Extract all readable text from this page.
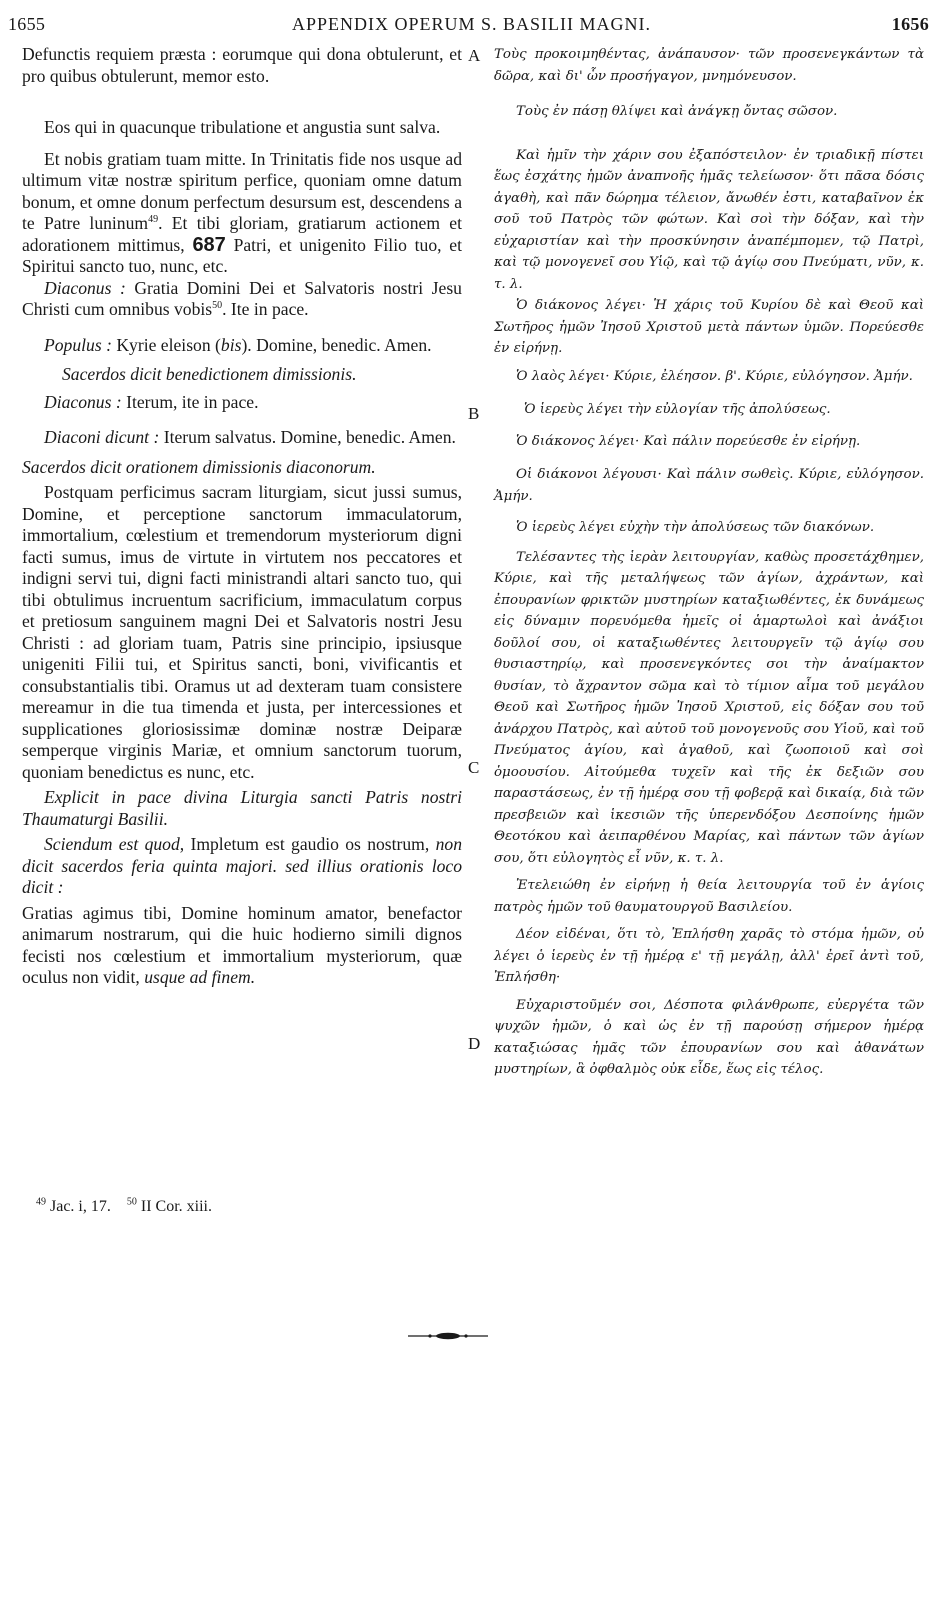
1655	APPENDIX OPERUM S. BASILII MAGNI.	1656
A
B
C
D

Defunctis requiem præsta : eorumque qui dona obtulerunt, et pro quibus obtulerunt, memor esto.

Eos qui in quacunque tribulatione et angustia sunt salva.

Et nobis gratiam tuam mitte. In Trinitatis fide nos usque ad ultimum vitæ nostræ spiritum perfice, quoniam omne datum bonum, et omne donum perfectum desursum est, descendens a te Patre luninum$^{49}$. Et tibi gloriam, gratiarum actionem et adorationem mittimus, 687 Patri, et unigenito Filio tuo, et Spiritui sancto tuo, nunc, etc.

Diaconus : Gratia Domini Dei et Salvatoris nostri Jesu Christi cum omnibus vobis$^{50}$. Ite in pace.

Populus : Kyrie eleison (bis). Domine, benedic. Amen.

Sacerdos dicit benedictionem dimissionis.

Diaconus : Iterum, ite in pace.

Diaconi dicunt : Iterum salvatus. Domine, benedic. Amen.

Sacerdos dicit orationem dimissionis diaconorum.

Postquam perficimus sacram liturgiam, sicut jussi sumus, Domine, et perceptione sanctorum immaculatorum, immortalium, cœlestium et tremendorum mysteriorum digni facti sumus, imus de virtute in virtutem nos peccatores et indigni servi tui, digni facti ministrandi altari sancto tuo, qui tibi obtulimus incruentum sacrificium, immaculatum corpus et pretiosum sanguinem magni Dei et Salvatoris nostri Jesu Christi : ad gloriam tuam, Patris sine principio, ipsiusque unigeniti Filii tui, et Spiritus sancti, boni, vivificantis et consubstantialis tibi. Oramus ut ad dexteram tuam consistere mereamur in die tua timenda et justa, per intercessiones et supplicationes gloriosissimæ dominæ nostræ Deiparæ semperque virginis Mariæ, et omnium sanctorum tuorum, quoniam benedictus es nunc, etc.

Explicit in pace divina Liturgia sancti Patris nostri Thaumaturgi Basilii.

Sciendum est quod, Impletum est gaudio os nostrum, non dicit sacerdos feria quinta majori. sed illius orationis loco dicit :

Gratias agimus tibi, Domine hominum amator, benefactor animarum nostrarum, qui die huic hodierno simili dignos fecisti nos cœlestium et immortalium mysteriorum, quæ oculus non vidit, usque ad finem.

Τοὺς προκοιμηθέντας, ἀνάπαυσον· τῶν προσενεγκάντων τὰ δῶρα, καὶ δι' ὧν προσήγαγον, μνημόνευσον.

Τοὺς ἐν πάσῃ θλίψει καὶ ἀνάγκῃ ὄντας σῶσον.

Καὶ ἡμῖν τὴν χάριν σου ἐξαπόστειλον· ἐν τριαδικῇ πίστει ἕως ἐσχάτης ἡμῶν ἀναπνοῆς ἡμᾶς τελείωσον· ὅτι πᾶσα δόσις ἀγαθὴ, καὶ πᾶν δώρημα τέλειον, ἄνωθέν ἐστι, καταβαῖνον ἐκ σοῦ τοῦ Πατρὸς τῶν φώτων. Καὶ σοὶ τὴν δόξαν, καὶ τὴν εὐχαριστίαν καὶ τὴν προσκύνησιν ἀναπέμπομεν, τῷ Πατρὶ, καὶ τῷ μονογενεῖ σου Υἱῷ, καὶ τῷ ἁγίῳ σου Πνεύματι, νῦν, κ. τ. λ.

Ὁ διάκονος λέγει· Ἡ χάρις τοῦ Κυρίου δὲ καὶ Θεοῦ καὶ Σωτῆρος ἡμῶν Ἰησοῦ Χριστοῦ μετὰ πάντων ὑμῶν. Πορεύεσθε ἐν εἰρήνῃ.

Ὁ λαὸς λέγει· Κύριε, ἐλέησον. β'. Κύριε, εὐλόγησον. Ἀμήν.

Ὁ ἱερεὺς λέγει τὴν εὐλογίαν τῆς ἀπολύσεως.

Ὁ διάκονος λέγει· Καὶ πάλιν πορεύεσθε ἐν εἰρήνῃ.

Οἱ διάκονοι λέγουσι· Καὶ πάλιν σωθεὶς. Κύριε, εὐλόγησον. Ἀμήν.

Ὁ ἱερεὺς λέγει εὐχὴν τὴν ἀπολύσεως τῶν διακόνων.

Τελέσαντες τὴς ἱερὰν λειτουργίαν, καθὼς προσετάχθημεν, Κύριε, καὶ τῆς μεταλήψεως τῶν ἁγίων, ἀχράντων, καὶ ἐπουρανίων φρικτῶν μυστηρίων καταξιωθέντες, ἐκ δυνάμεως εἰς δύναμιν πορευόμεθα ἡμεῖς οἱ ἁμαρτωλοὶ καὶ ἀνάξιοι δοῦλοί σου, οἱ καταξιωθέντες λειτουργεῖν τῷ ἁγίῳ σου θυσιαστηρίῳ, καὶ προσενεγκόντες σοι τὴν ἀναίμακτον θυσίαν, τὸ ἄχραντον σῶμα καὶ τὸ τίμιον αἷμα τοῦ μεγάλου Θεοῦ καὶ Σωτῆρος ἡμῶν Ἰησοῦ Χριστοῦ, εἰς δόξαν σου τοῦ ἀνάρχου Πατρὸς, καὶ αὐτοῦ τοῦ μονογενοῦς σου Υἱοῦ, καὶ τοῦ Πνεύματος ἁγίου, καὶ ἀγαθοῦ, καὶ ζωοποιοῦ καὶ σοὶ ὁμοουσίου. Αἰτούμεθα τυχεῖν καὶ τῆς ἐκ δεξιῶν σου παραστάσεως, ἐν τῇ ἡμέρᾳ σου τῇ φοβερᾷ καὶ δικαίᾳ, διὰ τῶν πρεσβειῶν καὶ ἱκεσιῶν τῆς ὑπερενδόξου Δεσποίνης ἡμῶν Θεοτόκου καὶ ἀειπαρθένου Μαρίας, καὶ πάντων τῶν ἁγίων σου, ὅτι εὐλογητὸς εἶ νῦν, κ. τ. λ.

Ἐτελειώθη ἐν εἰρήνῃ ἡ θεία λειτουργία τοῦ ἐν ἁγίοις πατρὸς ἡμῶν τοῦ θαυματουργοῦ Βασιλείου.

Δέον εἰδέναι, ὅτι τὸ, Ἐπλήσθη χαρᾶς τὸ στόμα ἡμῶν, οὐ λέγει ὁ ἱερεὺς ἐν τῇ ἡμέρᾳ ε' τῇ μεγάλῃ, ἀλλ' ἐρεῖ ἀντὶ τοῦ, Ἐπλήσθη·

Εὐχαριστοῦμέν σοι, Δέσποτα φιλάνθρωπε, εὐεργέτα τῶν ψυχῶν ἡμῶν, ὁ καὶ ὡς ἐν τῇ παρούσῃ σήμερον ἡμέρᾳ καταξιώσας ἡμᾶς τῶν ἐπουρανίων σου καὶ ἀθανάτων μυστηρίων, ἃ ὀφθαλμὸς οὐκ εἶδε, ἕως εἰς τέλος.

$^{49}$ Jac. i, 17. $^{50}$ II Cor. xiii.
